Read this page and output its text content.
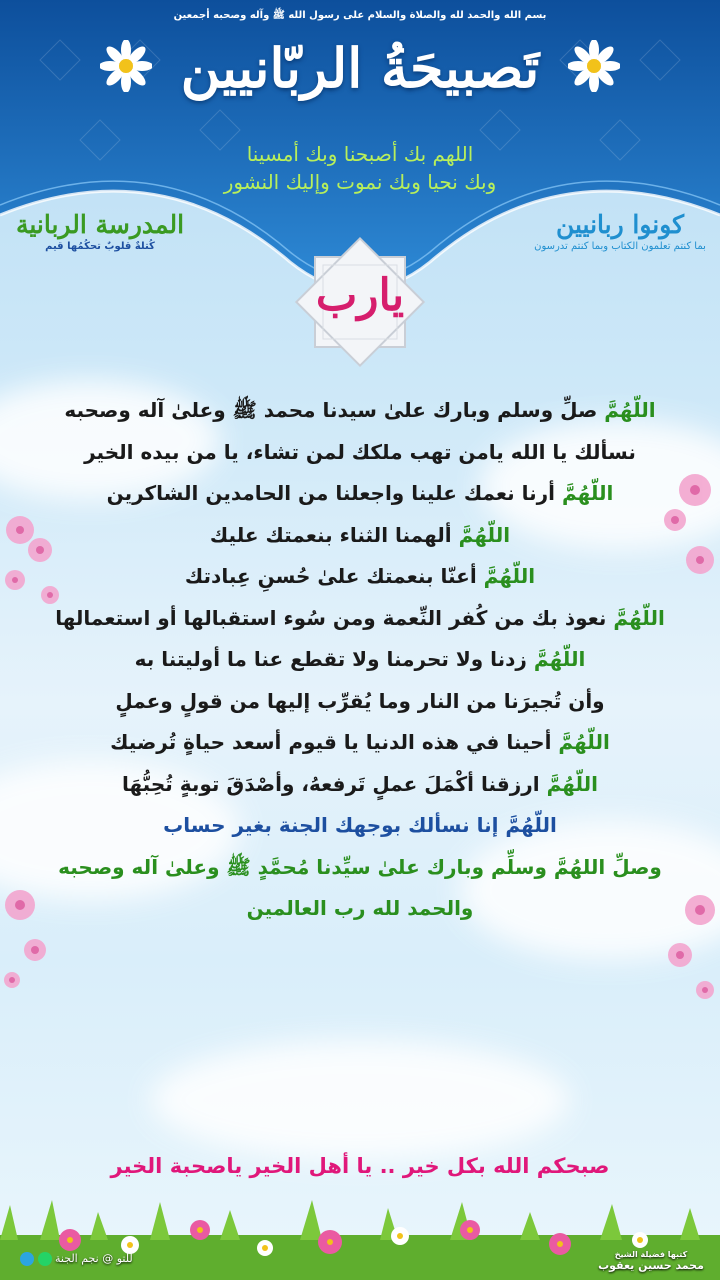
بسم الله والحمد لله والصلاة والسلام على رسول الله ﷺ وآله وصحبه أجمعين
تَصبيحَةُ الربّانيين
اللهم بك أصبحنا وبك أمسينا
وبك نحيا وبك نموت وإليك النشور
المدرسة الربانية
كُتلةٌ قلوبٌ تحكُمُها قيم
كونوا ربانيين
بما كنتم تعلمون الكتاب وبما كنتم تدرسون
يارب
اللّهُمَّ صلِّ وسلم وبارك علىٰ سيدنا محمد ﷺ وعلىٰ آله وصحبه
نسألك يا الله يامن تهب ملكك لمن تشاء، يا من بيده الخير
اللّهُمَّ أرنا نعمك علينا واجعلنا من الحامدين الشاكرين
اللّهُمَّ ألهمنا الثناء بنعمتك عليك
اللّهُمَّ أعنّا بنعمتك علىٰ حُسنِ عِبادتك
اللّهُمَّ نعوذ بك من كُفر النِّعمة ومن سُوء استقبالها أو استعمالها
اللّهُمَّ زدنا ولا تحرمنا ولا تقطع عنا ما أوليتنا به
وأن تُجيرَنا من النار وما يُقرِّب إليها من قولٍ وعملٍ
اللّهُمَّ أحينا في هذه الدنيا يا قيوم أسعد حياةٍ تُرضيك
اللّهُمَّ ارزقنا أكْمَلَ عملٍ تَرفعهُ، وأصْدَقَ توبةٍ تُحِبُّهَا
اللّهُمَّ إنا نسألك بوجهك الجنة بغير حساب
وصلِّ اللهُمَّ وسلِّم وبارك علىٰ سيِّدنا مُحمَّدٍ ﷺ وعلىٰ آله وصحبه
والحمد لله رب العالمين
صبحكم الله بكل خير .. يا أهل الخير ياصحبة الخير
كتبها فضيلة الشيخ
محمد حسين يعقوب
للتو @ نجم الجنة
